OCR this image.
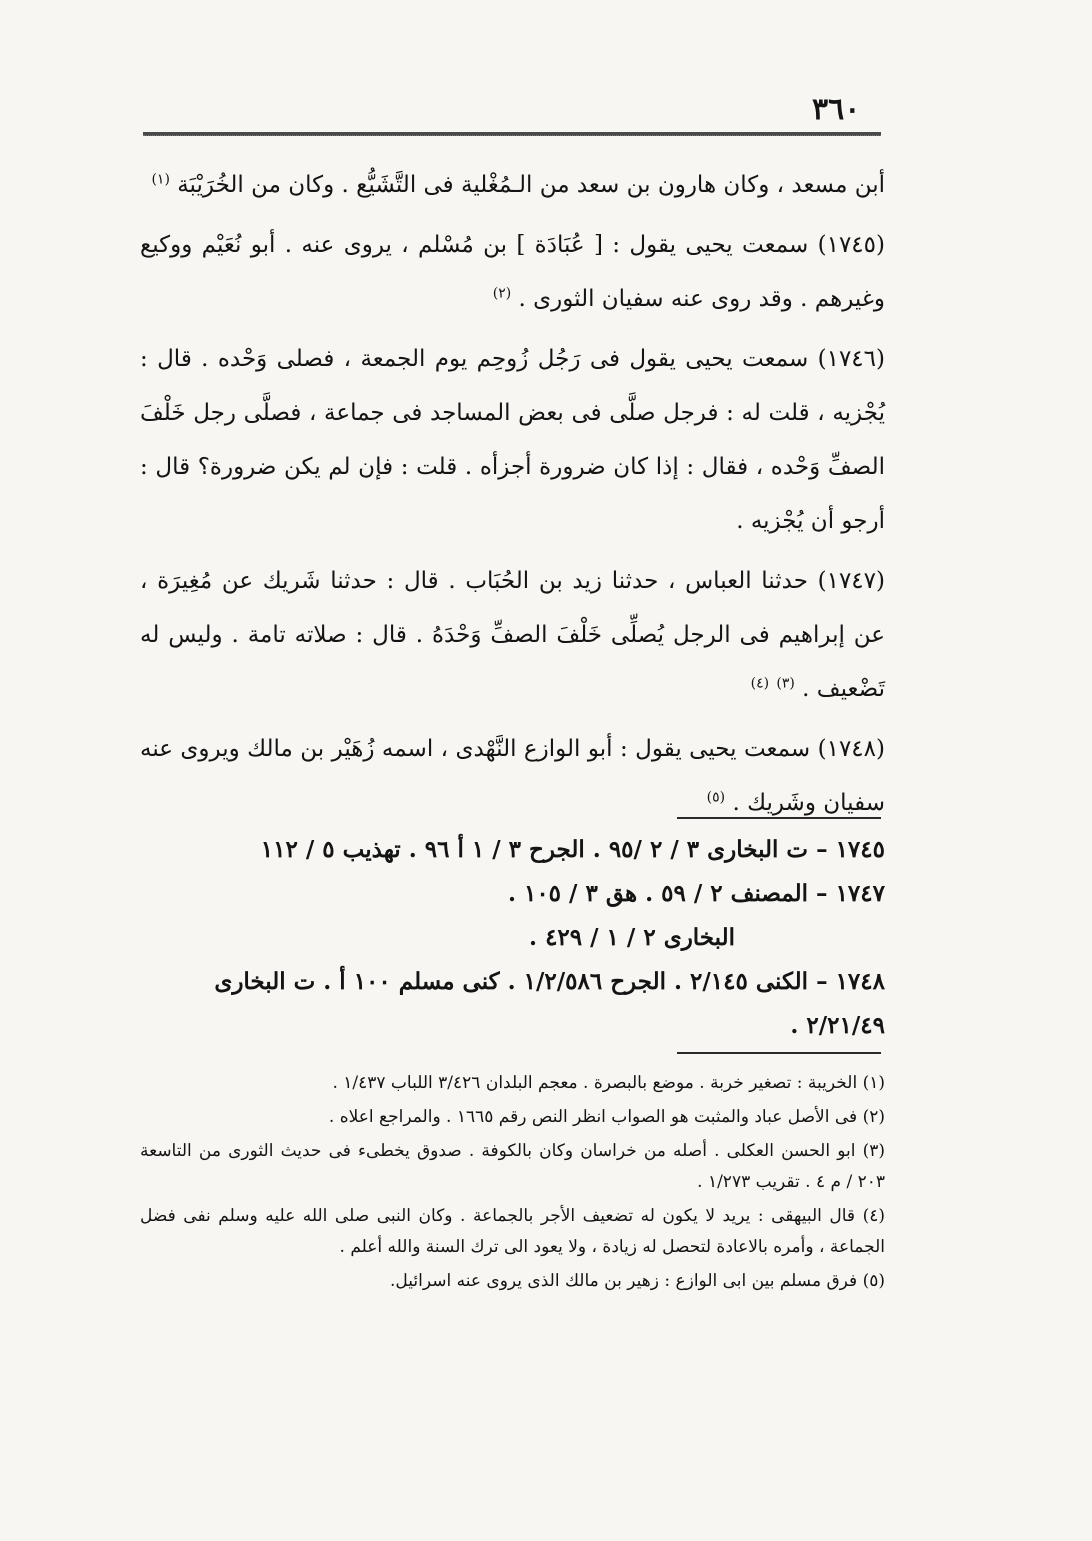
٣٦٠

أبن مسعد ، وكان هارون بن سعد من الـمُغْلية فى التَّشَيُّع . وكان من الخُرَيْبَة $^{(١)}$

(١٧٤٥) سمعت يحيى يقول : [ عُبَادَة ] بن مُسْلم ، يروى عنه . أبو نُعَيْم ووكيع وغيرهم . وقد روى عنه سفيان الثورى . $^{(٢)}$

(١٧٤٦) سمعت يحيى يقول فى رَجُل زُوحِم يوم الجمعة ، فصلى وَحْده . قال : يُجْزيه ، قلت له : فرجل صلَّى فى بعض المساجد فى جماعة ، فصلَّى رجل خَلْفَ الصفِّ وَحْده ، فقال : إذا كان ضرورة أجزأه . قلت : فإن لم يكن ضرورة؟ قال : أرجو أن يُجْزيه .

(١٧٤٧) حدثنا العباس ، حدثنا زيد بن الحُبَاب . قال : حدثنا شَريك عن مُغِيرَة ، عن إبراهيم فى الرجل يُصلِّى خَلْفَ الصفِّ وَحْدَهُ . قال : صلاته تامة . وليس له تَضْعيف . $^{(٣)}$ $^{(٤)}$

(١٧٤٨) سمعت يحيى يقول : أبو الوازع النَّهْدى ، اسمه زُهَيْر بن مالك ويروى عنه سفيان وشَريك . $^{(٥)}$

١٧٤٥ – ت البخارى ٣ / ٢ /٩٥ . الجرح ٣ / ١ أ ٩٦ . تهذيب ٥ / ١١٢
١٧٤٧ – المصنف ٢ / ٥٩ . هق ٣ / ١٠٥ .
البخارى ٢ / ١ / ٤٢٩ .
١٧٤٨ – الكنى ٢/١٤٥ . الجرح ١/٢/٥٨٦ . كنى مسلم ١٠٠ أ . ت البخارى
٢/٢١/٤٩ .

(١) الخريبة : تصغير خربة . موضع بالبصرة . معجم البلدان ٣/٤٢٦ اللباب ١/٤٣٧ .

(٢) فى الأصل عباد والمثبت هو الصواب انظر النص رقم ١٦٦٥ . والمراجع اعلاه .

(٣) ابو الحسن العكلى . أصله من خراسان وكان بالكوفة . صدوق يخطىء فى حديث الثورى من التاسعة ٢٠٣ / م ٤ . تقريب ١/٢٧٣ .

(٤) قال البيهقى : يريد لا يكون له تضعيف الأجر بالجماعة . وكان النبى صلى الله عليه وسلم نفى فضل الجماعة ، وأمره بالاعادة لتحصل له زيادة ، ولا يعود الى ترك السنة والله أعلم .

(٥) فرق مسلم بين ابى الوازع : زهير بن مالك الذى يروى عنه اسرائيل.
